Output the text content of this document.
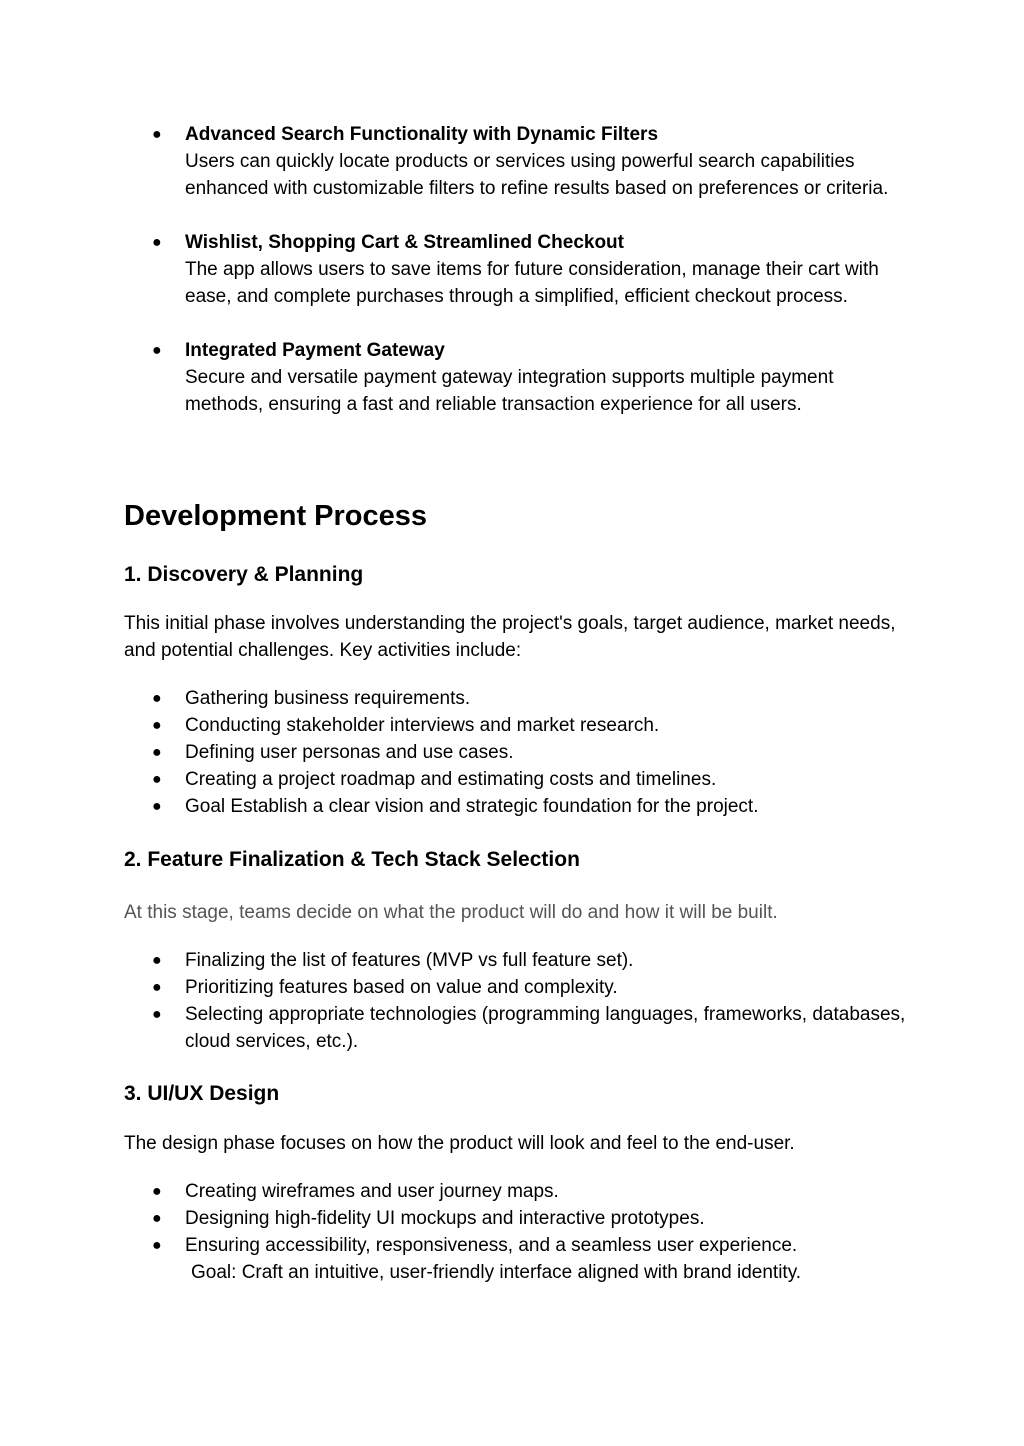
● Advanced Search Functionality with Dynamic Filters
Users can quickly locate products or services using powerful search capabilities enhanced with customizable filters to refine results based on preferences or criteria.
● Wishlist, Shopping Cart & Streamlined Checkout
The app allows users to save items for future consideration, manage their cart with ease, and complete purchases through a simplified, efficient checkout process.
● Integrated Payment Gateway
Secure and versatile payment gateway integration supports multiple payment methods, ensuring a fast and reliable transaction experience for all users.
Development Process
1. Discovery & Planning

This initial phase involves understanding the project's goals, target audience, market needs, and potential challenges. Key activities include:

● Gathering business requirements.
● Conducting stakeholder interviews and market research.
● Defining user personas and use cases.
● Creating a project roadmap and estimating costs and timelines.
● Goal Establish a clear vision and strategic foundation for the project.
2. Feature Finalization & Tech Stack Selection

At this stage, teams decide on what the product will do and how it will be built.

● Finalizing the list of features (MVP vs full feature set).
● Prioritizing features based on value and complexity.
● Selecting appropriate technologies (programming languages, frameworks, databases, cloud services, etc.).
3. UI/UX Design

The design phase focuses on how the product will look and feel to the end-user.

● Creating wireframes and user journey maps.
● Designing high-fidelity UI mockups and interactive prototypes.
● Ensuring accessibility, responsiveness, and a seamless user experience.
Goal: Craft an intuitive, user-friendly interface aligned with brand identity.
